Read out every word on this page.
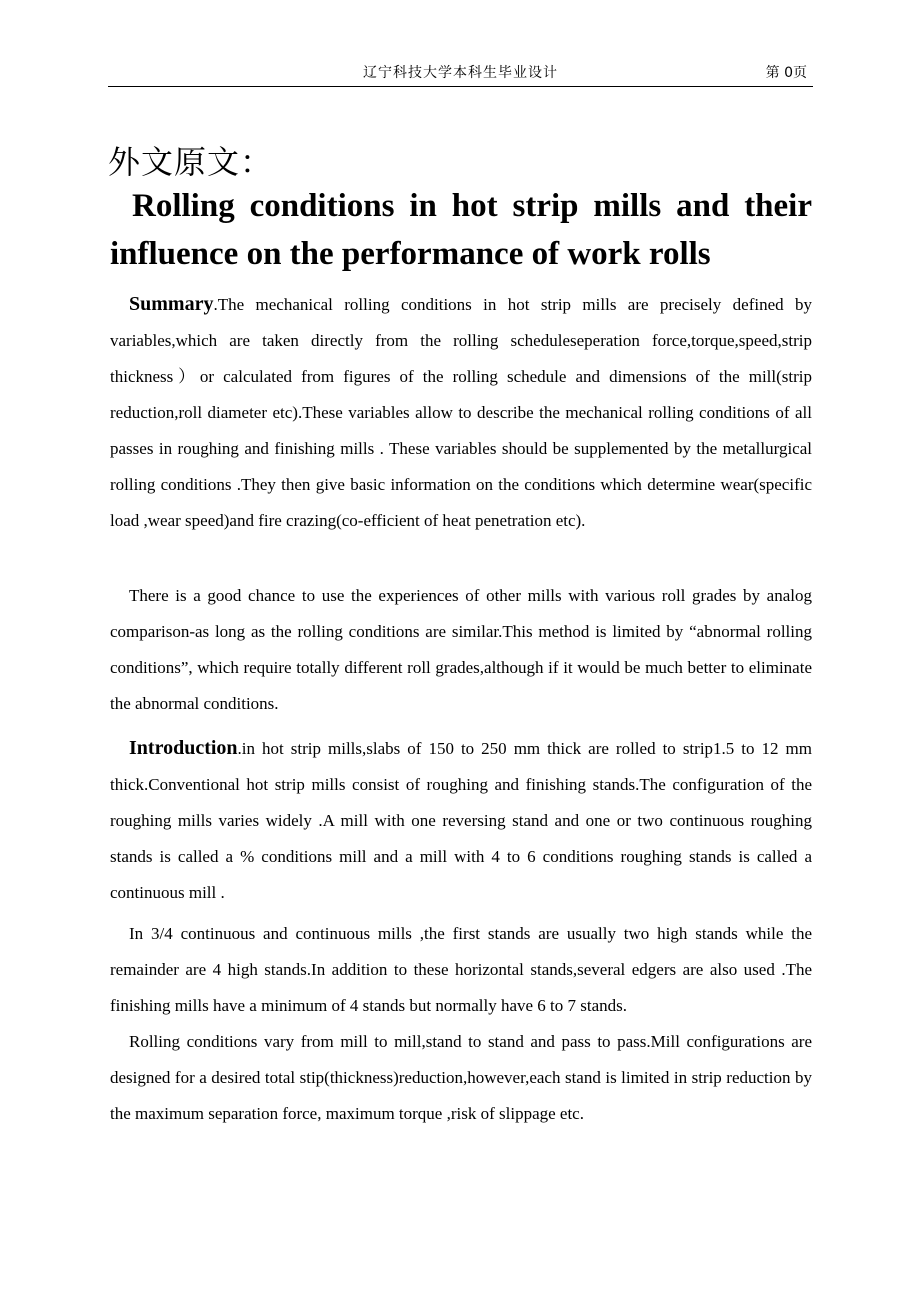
辽宁科技大学本科生毕业设计	第 0页
外文原文：
Rolling conditions in hot strip mills and their influence on the performance of work rolls

Summary.The mechanical rolling conditions in hot strip mills are precisely defined by variables,which are taken directly from the rolling scheduleseperation force,torque,speed,strip thickness）or calculated from figures of the rolling schedule and dimensions of the mill(strip reduction,roll diameter etc).These variables allow to describe the mechanical rolling conditions of all passes in roughing and finishing mills . These variables should be supplemented by the metallurgical rolling conditions .They then give basic information on the conditions which determine wear(specific load ,wear speed)and fire crazing(co-efficient of heat penetration etc).

There is a good chance to use the experiences of other mills with various roll grades by analog comparison-as long as the rolling conditions are similar.This method is limited by “abnormal rolling conditions”, which require totally different roll grades,although if it would be much better to eliminate the abnormal conditions.

Introduction.in hot strip mills,slabs of 150 to 250 mm thick are rolled to strip1.5 to 12 mm thick.Conventional hot strip mills consist of roughing and finishing stands.The configuration of the roughing mills varies widely .A mill with one reversing stand and one or two continuous roughing stands is called a % conditions mill and a mill with 4 to 6 conditions roughing stands is called a continuous mill .

In 3/4 continuous and continuous mills ,the first stands are usually two high stands while the remainder are 4 high stands.In addition to these horizontal stands,several edgers are also used .The finishing mills have a minimum of 4 stands but normally have 6 to 7 stands.

Rolling conditions vary from mill to mill,stand to stand and pass to pass.Mill configurations are designed for a desired total stip(thickness)reduction,however,each stand is limited in strip reduction by the maximum separation force, maximum torque ,risk of slippage etc.
